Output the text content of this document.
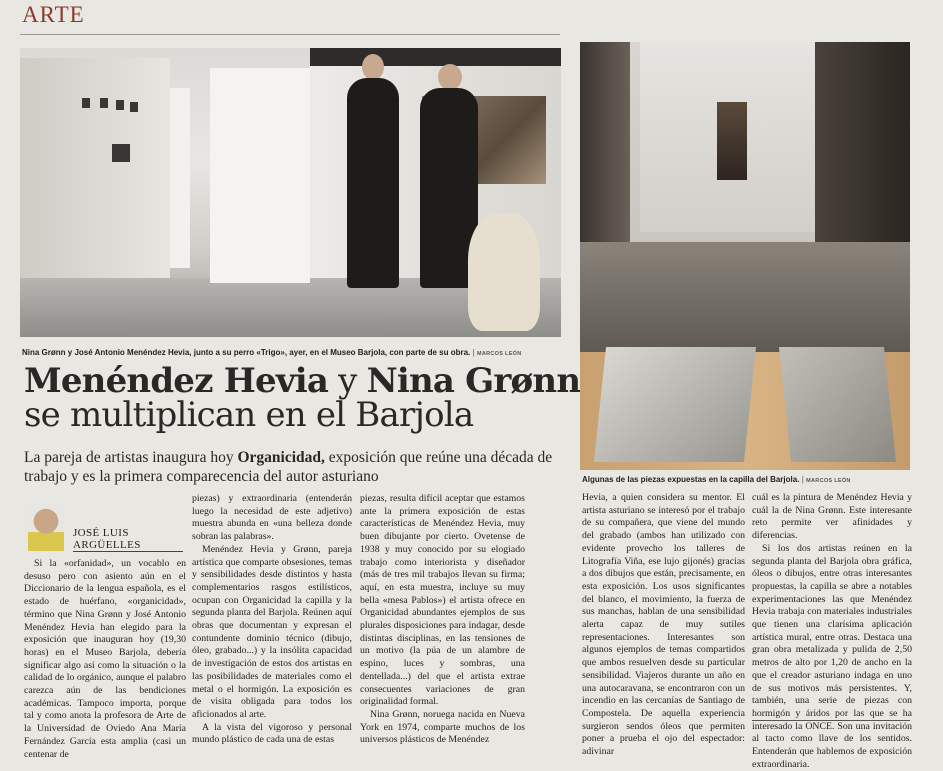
ARTE
Nina Grønn y José Antonio Menéndez Hevia, junto a su perro «Trigo», ayer, en el Museo Barjola, con parte de su obra. | MARCOS LEÓN
Menéndez Hevia y Nina Grønn
se multiplican en el Barjola
La pareja de artistas inaugura hoy Organicidad, exposición que reúne una década de trabajo y es la primera comparecencia del autor asturiano
JOSÉ LUIS
ARGÜELLES

Si la «orfanidad», un vocablo en desuso pero con asiento aún en el Diccionario de la lengua española, es el estado de huérfano, «organicidad», término que Nina Grønn y José Antonio Menéndez Hevia han elegido para la exposición que inauguran hoy (19,30 horas) en el Museo Barjola, debería significar algo así como la situación o la calidad de lo orgánico, aunque el palabro carezca aún de las bendiciones académicas. Tampoco importa, porque tal y como anota la profesora de Arte de la Universidad de Oviedo Ana María Fernández García esta amplia (casi un centenar de

piezas) y extraordinaria (entenderán luego la necesidad de este adjetivo) muestra abunda en «una belleza donde sobran las palabras».

Menéndez Hevia y Grønn, pareja artística que comparte obsesiones, temas y sensibilidades desde distintos y hasta complementarios rasgos estilísticos, ocupan con Organicidad la capilla y la segunda planta del Barjola. Reúnen aquí obras que documentan y expresan el contundente dominio técnico (dibujo, óleo, grabado...) y la insólita capacidad de investigación de estos dos artistas en las posibilidades de materiales como el metal o el hormigón. La exposición es de visita obligada para todos los aficionados al arte.

A la vista del vigoroso y personal mundo plástico de cada una de estas

piezas, resulta difícil aceptar que estamos ante la primera exposición de estas características de Menéndez Hevia, muy buen dibujante por cierto. Ovetense de 1938 y muy conocido por su elogiado trabajo como interiorista y diseñador (más de tres mil trabajos llevan su firma; aquí, en esta muestra, incluye su muy bella «mesa Pablos») el artista ofrece en Organicidad abundantes ejemplos de sus plurales disposiciones para indagar, desde distintas disciplinas, en las tensiones de un motivo (la púa de un alambre de espino, luces y sombras, una dentellada...) del que el artista extrae consecuentes variaciones de gran originalidad formal.

Nina Grønn, noruega nacida en Nueva York en 1974, comparte muchos de los universos plásticos de Menéndez

Algunas de las piezas expuestas en la capilla del Barjola. | MARCOS LEÓN

Hevia, a quien considera su mentor. El artista asturiano se interesó por el trabajo de su compañera, que viene del mundo del grabado (ambos han utilizado con evidente provecho los talleres de Litografía Viña, ese lujo gijonés) gracias a dos dibujos que están, precisamente, en esta exposición. Los usos significantes del blanco, el movimiento, la fuerza de sus manchas, hablan de una sensibilidad alerta capaz de muy sutiles representaciones. Interesantes son algunos ejemplos de temas compartidos que ambos resuelven desde su particular sensibilidad. Viajeros durante un año en una autocaravana, se encontraron con un incendio en las cercanías de Santiago de Compostela. De aquella experiencia surgieron sendos óleos que permiten poner a prueba el ojo del espectador: adivinar

cuál es la pintura de Menéndez Hevia y cuál la de Nina Grønn. Este interesante reto permite ver afinidades y diferencias.

Si los dos artistas reúnen en la segunda planta del Barjola obra gráfica, óleos o dibujos, entre otras interesantes propuestas, la capilla se abre a notables experimentaciones las que Menéndez Hevia trabaja con materiales industriales que tienen una clarísima aplicación artística mural, entre otras. Destaca una gran obra metalizada y pulida de 2,50 metros de alto por 1,20 de ancho en la que el creador asturiano indaga en uno de sus motivos más persistentes. Y, también, una serie de piezas con hormigón y áridos por las que se ha interesado la ONCE. Son una invitación al tacto como llave de los sentidos. Entenderán que hablemos de exposición extraordinaria.
